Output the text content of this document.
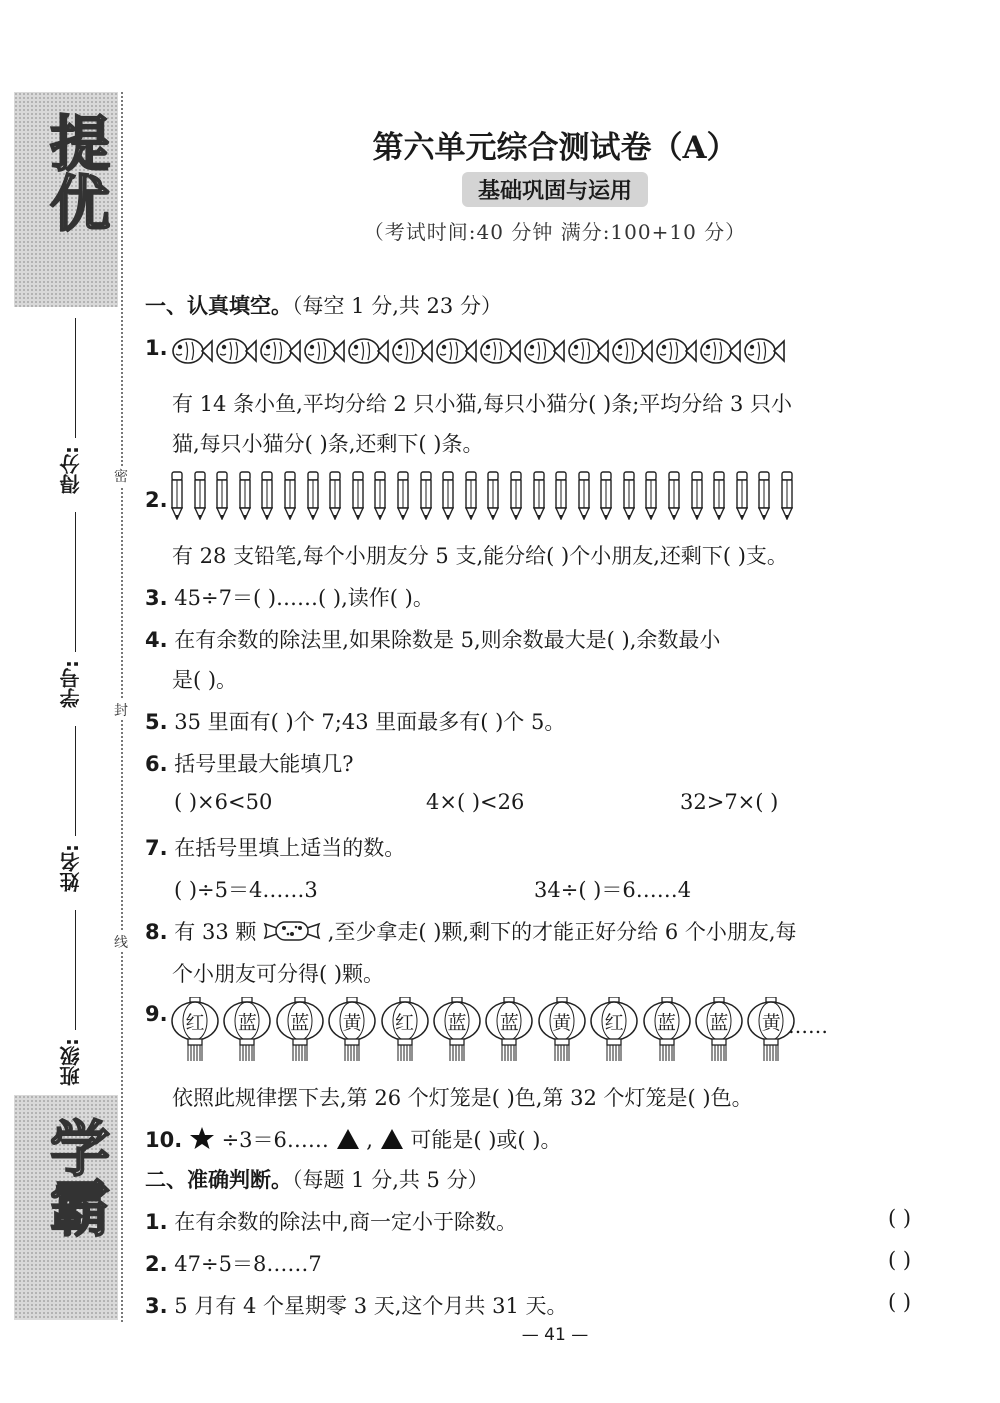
提优
学霸
密
封
线
得分:
学号:
姓名:
班级:
第六单元综合测试卷（A）
基础巩固与运用
（考试时间:40 分钟 满分:100+10 分）
一、认真填空。（每空 1 分,共 23 分）
1.
有 14 条小鱼,平均分给 2 只小猫,每只小猫分( )条;平均分给 3 只小
猫,每只小猫分( )条,还剩下( )条。
2.
有 28 支铅笔,每个小朋友分 5 支,能分给( )个小朋友,还剩下( )支。
3. 45÷7＝( )……( ),读作( )。
4. 在有余数的除法里,如果除数是 5,则余数最大是( ),余数最小
是( )。
5. 35 里面有( )个 7;43 里面最多有( )个 5。
6. 括号里最大能填几?
( )×6<50	4×( )<26	32>7×( )
7. 在括号里填上适当的数。
( )÷5＝4……3	34÷( )＝6……4
8. 有 33 颗	,至少拿走( )颗,剩下的才能正好分给 6 个小朋友,每
个小朋友可分得( )颗。
9. 红	蓝	蓝	黄	红	蓝	蓝	黄	红	蓝	蓝	黄 ……
依照此规律摆下去,第 26 个灯笼是( )色,第 32 个灯笼是( )色。
10. ÷3＝6…… ,  可能是( )或( )。
二、准确判断。（每题 1 分,共 5 分）
1. 在有余数的除法中,商一定小于除数。	( )
2. 47÷5＝8……7	( )
3. 5 月有 4 个星期零 3 天,这个月共 31 天。	( )
— 41 —
